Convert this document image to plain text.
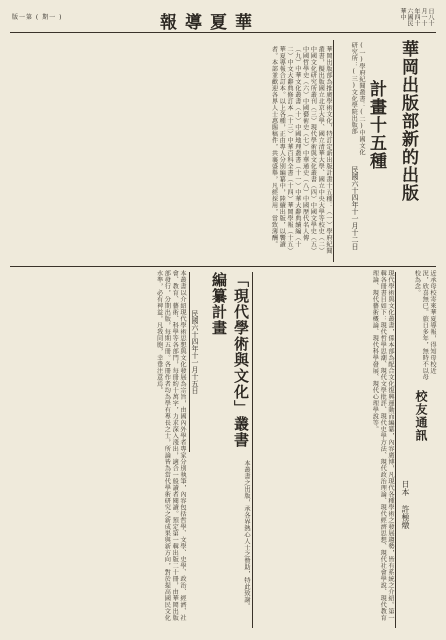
版一第 ( 期一 )	報導夏華	日八十月一十年四十六國民華中
華岡出版部新的出版
計畫十五種
民國六十四年十一月十二日
(一)學府紀聞叢書：(二)中國文化研究所：(三)文化學院出版部
華岡出版部為推廣學術文化，特訂定新出版計畫十五種：（一）學府紀聞叢書，擬出版國立北京大學、國立清華大學、國立中央大學等校史（二）中國文化研究所叢刊（三）現代學術與文化叢書（四）中國文學史（五）中國哲學史（六）中國藝術史（七）中華通史（八）中國歷代名人傳（九）中華文化叢書（十）中國地理叢書（十一）中華大辭典續編（十二）中文大辭典修訂本（十三）中華百科全書（十四）華岡學報（十五）華夏導報合訂本。以上各種，正由專人分別編纂中，陸續出版，以饗讀者。本部並歡迎各界人士惠賜稿件，共襄盛舉，凡經採用，當致薄酬。
本叢書以介紹現代學術思想與文化發展為宗旨，由國內外學者專家分別執筆，內容包括哲學、文學、史學、政治、經濟、社會、教育、藝術、科學等各部門，每冊約十萬字，力求深入淺出，適合一般讀者閱讀。預定第一輯出版二十冊，由華岡出版部發行，分期出版，每期五冊。各冊作者均為學有專長之士，所論皆為當代學術研究之新成果與新方向，對於提高國民文化水準，必有裨益。凡我同胞，幸垂注意焉。	「現代學術與文化」叢書
編纂計畫
民國六十四年十一月十五日
本叢書之出版，承各界熱心人士之贊助，特此致謝。	現代學術與文化叢書，係本部為配合文化復興運動而編纂，內容廣博，凡現代各種學術之發展趨勢，皆有系統之介紹。第一輯各冊書目如下：現代哲學思潮、現代文學批評、現代史學方法、現代政治理論、現代經濟思想、現代社會學說、現代教育理論、現代藝術概論、現代科學發展、現代心理學說等。	近承母校寄來華夏導報，得知母校近況，欣喜無已。旅日多年，無時不以母校為念。
校友通訊
日本 許極燉
